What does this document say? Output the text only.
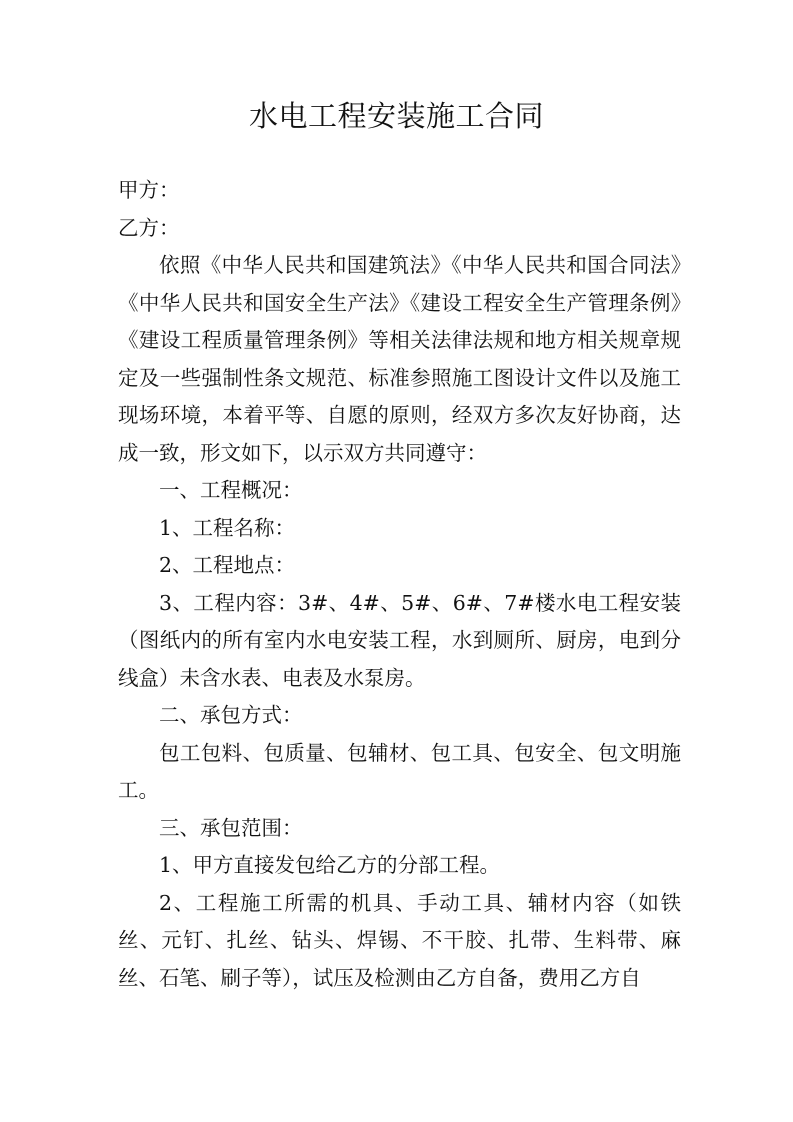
水电工程安装施工合同

甲方：

乙方：

依照《中华人民共和国建筑法》《中华人民共和国合同法》《中华人民共和国安全生产法》《建设工程安全生产管理条例》《建设工程质量管理条例》等相关法律法规和地方相关规章规定及一些强制性条文规范、标准参照施工图设计文件以及施工现场环境，本着平等、自愿的原则，经双方多次友好协商，达成一致，形文如下，以示双方共同遵守：

一、工程概况：

1、工程名称：

2、工程地点：

3、工程内容：3#、4#、5#、6#、7#楼水电工程安装（图纸内的所有室内水电安装工程，水到厕所、厨房，电到分线盒）未含水表、电表及水泵房。

二、承包方式：

包工包料、包质量、包辅材、包工具、包安全、包文明施工。

三、承包范围：

1、甲方直接发包给乙方的分部工程。

2、工程施工所需的机具、手动工具、辅材内容（如铁丝、元钉、扎丝、钻头、焊锡、不干胶、扎带、生料带、麻丝、石笔、刷子等），试压及检测由乙方自备，费用乙方自
